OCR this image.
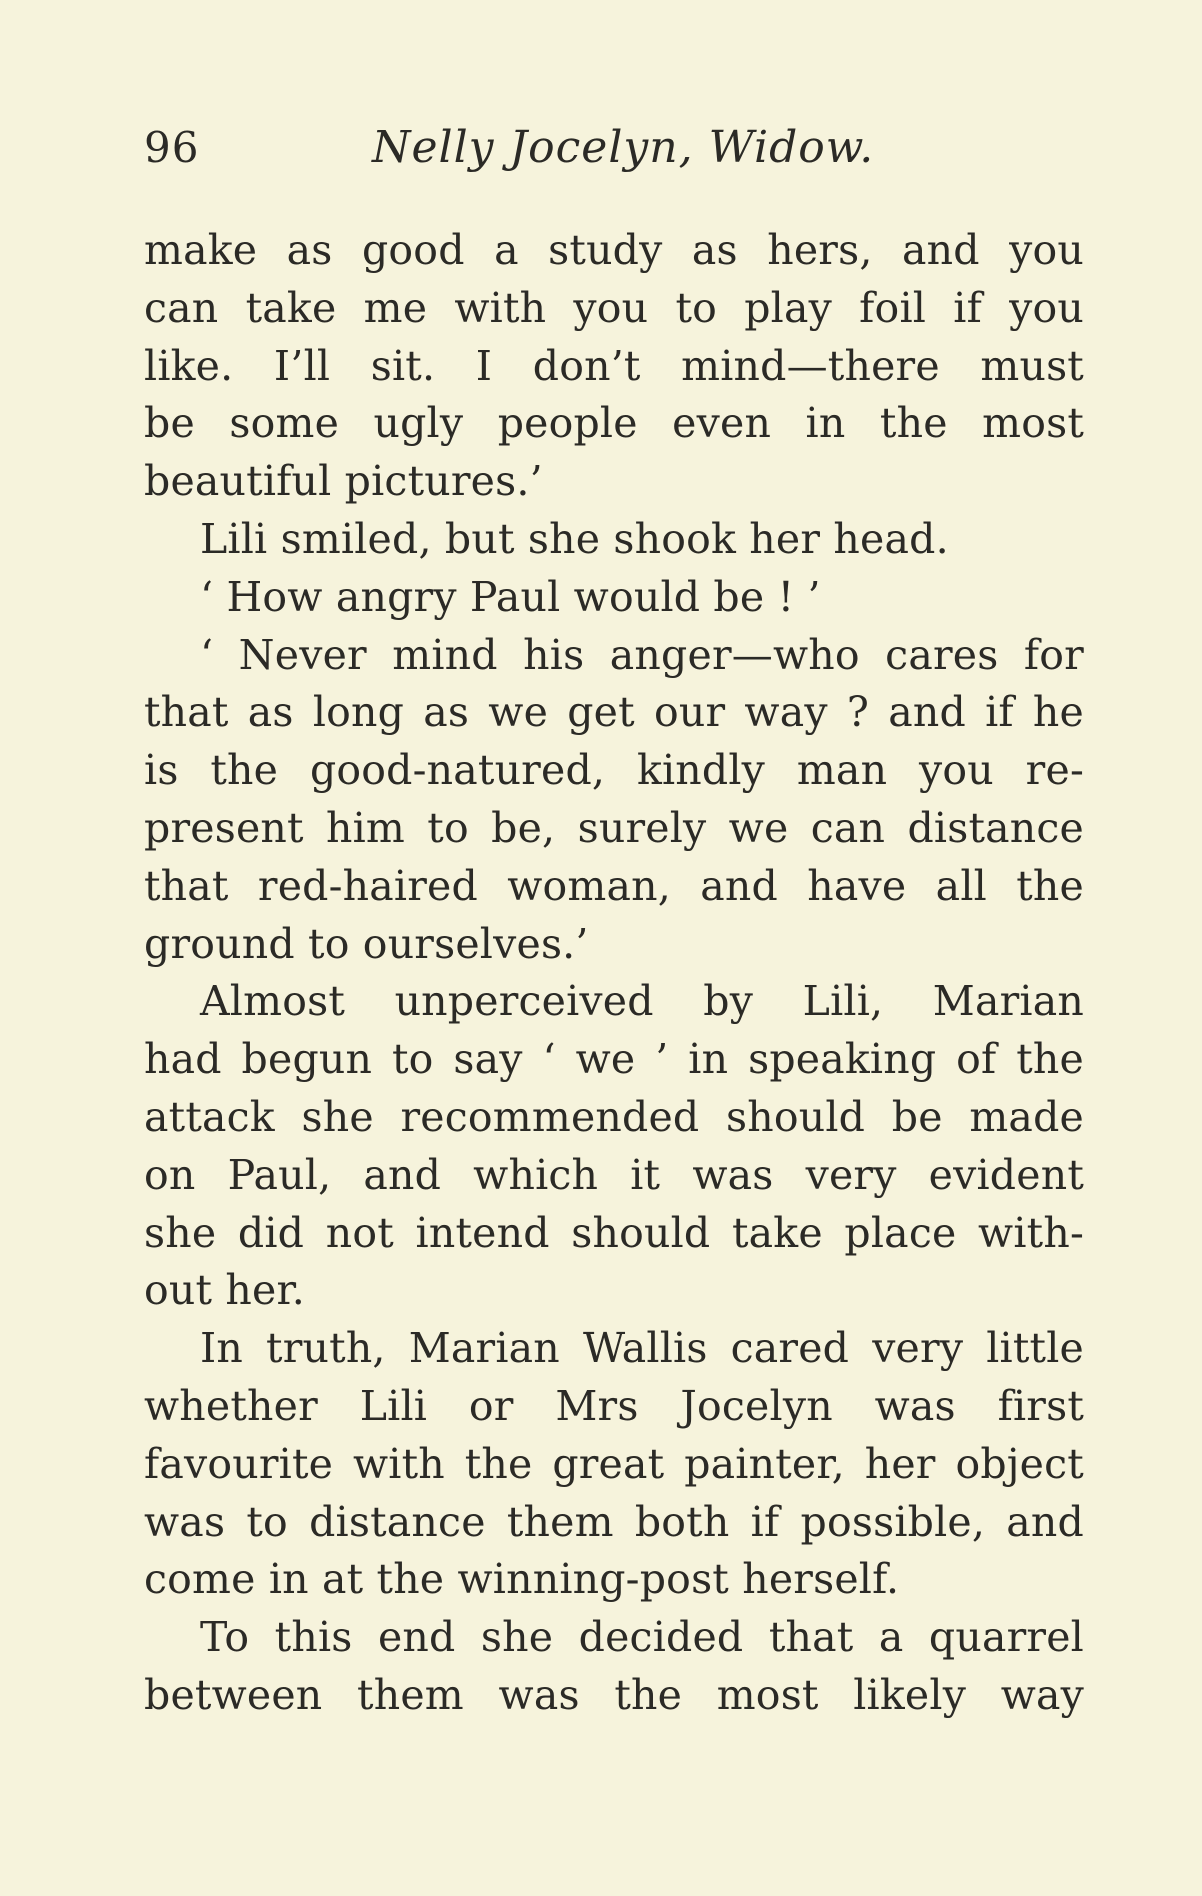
96	Nelly Jocelyn, Widow.
make as good a study as hers, and you
can take me with you to play foil if you
like. I’ll sit. I don’t mind—there must
be some ugly people even in the most
beautiful pictures.’
Lili smiled, but she shook her head.
‘ How angry Paul would be ! ’
‘ Never mind his anger—who cares for
that as long as we get our way ? and if he
is the good-natured, kindly man you re-
present him to be, surely we can distance
that red-haired woman, and have all the
ground to ourselves.’
Almost unperceived by Lili, Marian
had begun to say ‘ we ’ in speaking of the
attack she recommended should be made
on Paul, and which it was very evident
she did not intend should take place with-
out her.
In truth, Marian Wallis cared very little
whether Lili or Mrs Jocelyn was first
favourite with the great painter, her object
was to distance them both if possible, and
come in at the winning-post herself.
To this end she decided that a quarrel
between them was the most likely way
